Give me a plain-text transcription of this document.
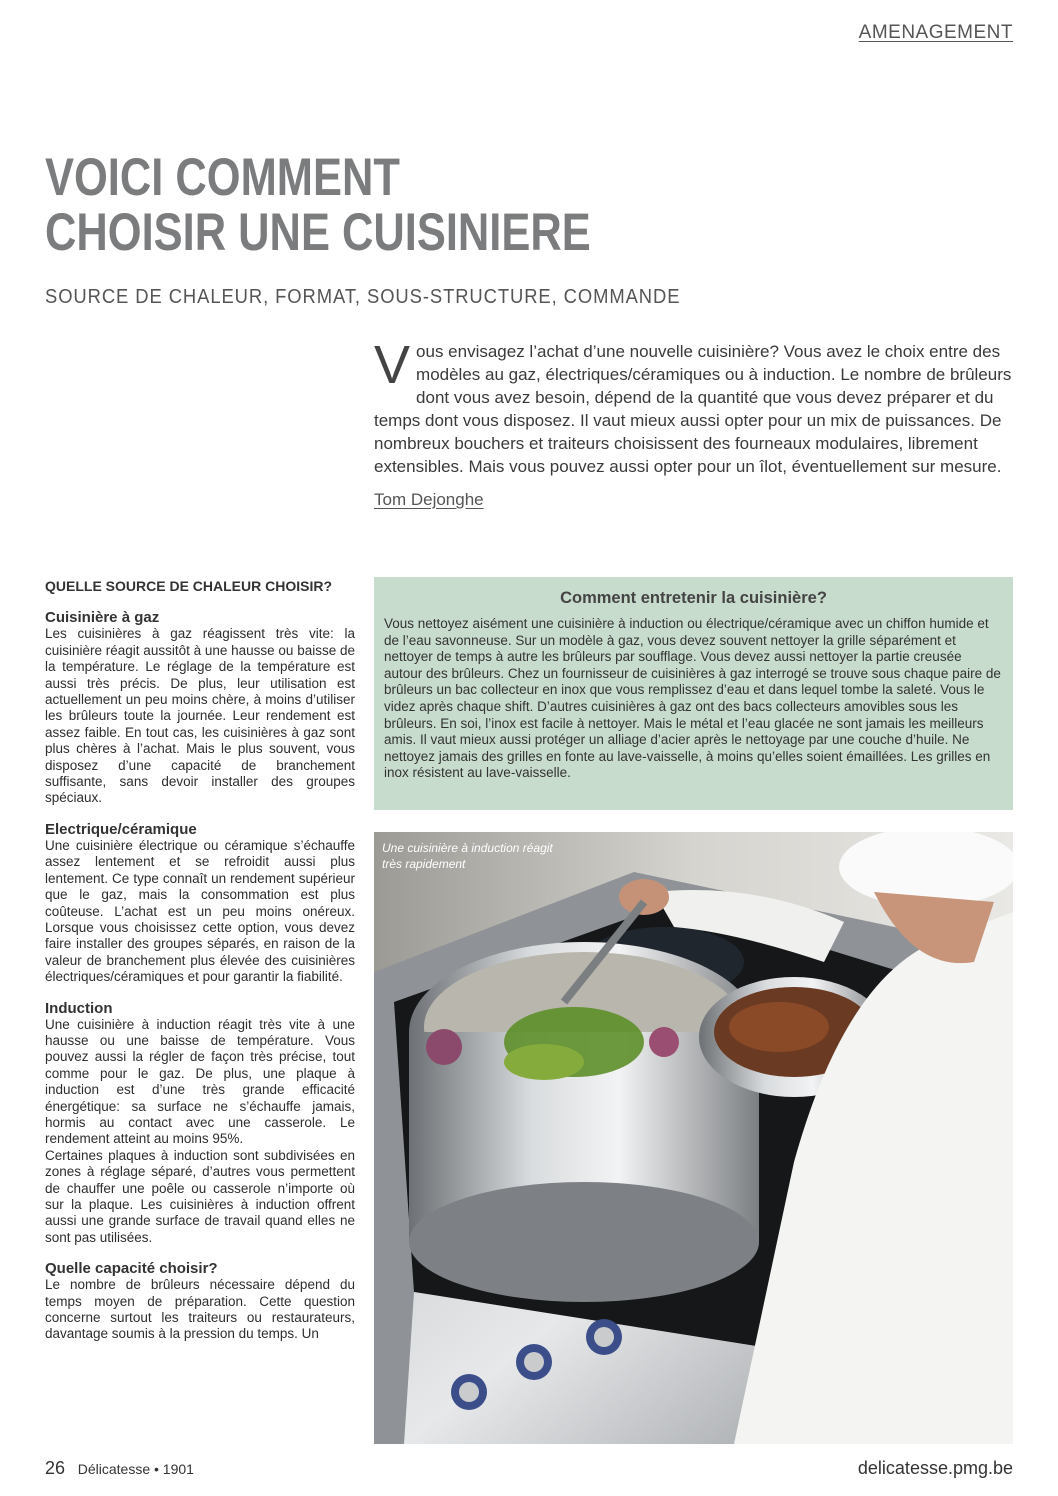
AMENAGEMENT
VOICI COMMENT
CHOISIR UNE CUISINIERE
SOURCE DE CHALEUR, FORMAT, SOUS-STRUCTURE, COMMANDE
V ous envisagez l’achat d’une nouvelle cuisinière? Vous avez le choix entre des modèles au gaz, électriques/céramiques ou à induction. Le nombre de brûleurs dont vous avez besoin, dépend de la quantité que vous devez préparer et du temps dont vous disposez. Il vaut mieux aussi opter pour un mix de puissances. De nombreux bouchers et traiteurs choisissent des fourneaux modulaires, librement extensibles. Mais vous pouvez aussi opter pour un îlot, éventuellement sur mesure.
Tom Dejonghe
QUELLE SOURCE DE CHALEUR CHOISIR?
Cuisinière à gaz

Les cuisinières à gaz réagissent très vite: la cuisinière réagit aussitôt à une hausse ou baisse de la température. Le réglage de la température est aussi très précis. De plus, leur utilisation est actuellement un peu moins chère, à moins d’utiliser les brûleurs toute la journée. Leur rendement est assez faible. En tout cas, les cuisinières à gaz sont plus chères à l’achat. Mais le plus souvent, vous disposez d’une capacité de branchement suffisante, sans devoir installer des groupes spéciaux.

Electrique/céramique

Une cuisinière électrique ou céramique s’échauffe assez lentement et se refroidit aussi plus lentement. Ce type connaît un rendement supérieur que le gaz, mais la consommation est plus coûteuse. L’achat est un peu moins onéreux. Lorsque vous choisissez cette option, vous devez faire installer des groupes séparés, en raison de la valeur de branchement plus élevée des cuisinières électriques/céramiques et pour garantir la fiabilité.

Induction

Une cuisinière à induction réagit très vite à une hausse ou une baisse de température. Vous pouvez aussi la régler de façon très précise, tout comme pour le gaz. De plus, une plaque à induction est d’une très grande efficacité énergétique: sa surface ne s’échauffe jamais, hormis au contact avec une casserole. Le rendement atteint au moins 95%.

Certaines plaques à induction sont subdivisées en zones à réglage séparé, d’autres vous permettent de chauffer une poêle ou casserole n’importe où sur la plaque. Les cuisinières à induction offrent aussi une grande surface de travail quand elles ne sont pas utilisées.

Quelle capacité choisir?

Le nombre de brûleurs nécessaire dépend du temps moyen de préparation. Cette question concerne surtout les traiteurs ou restaurateurs, davantage soumis à la pression du temps. Un

Comment entretenir la cuisinière?
Vous nettoyez aisément une cuisinière à induction ou électrique/céramique avec un chiffon humide et de l’eau savonneuse. Sur un modèle à gaz, vous devez souvent nettoyer la grille séparément et nettoyer de temps à autre les brûleurs par soufflage. Vous devez aussi nettoyer la partie creusée autour des brûleurs. Chez un fournisseur de cuisinières à gaz interrogé se trouve sous chaque paire de brûleurs un bac collecteur en inox que vous remplissez d’eau et dans lequel tombe la saleté. Vous le videz après chaque shift. D’autres cuisinières à gaz ont des bacs collecteurs amovibles sous les brûleurs. En soi, l’inox est facile à nettoyer. Mais le métal et l’eau glacée ne sont jamais les meilleurs amis. Il vaut mieux aussi protéger un alliage d’acier après le nettoyage par une couche d’huile. Ne nettoyez jamais des grilles en fonte au lave-vaisselle, à moins qu’elles soient émaillées. Les grilles en inox résistent au lave-vaisselle.
Une cuisinière à induction réagit très rapidement
26 Délicatesse • 1901	delicatesse.pmg.be
